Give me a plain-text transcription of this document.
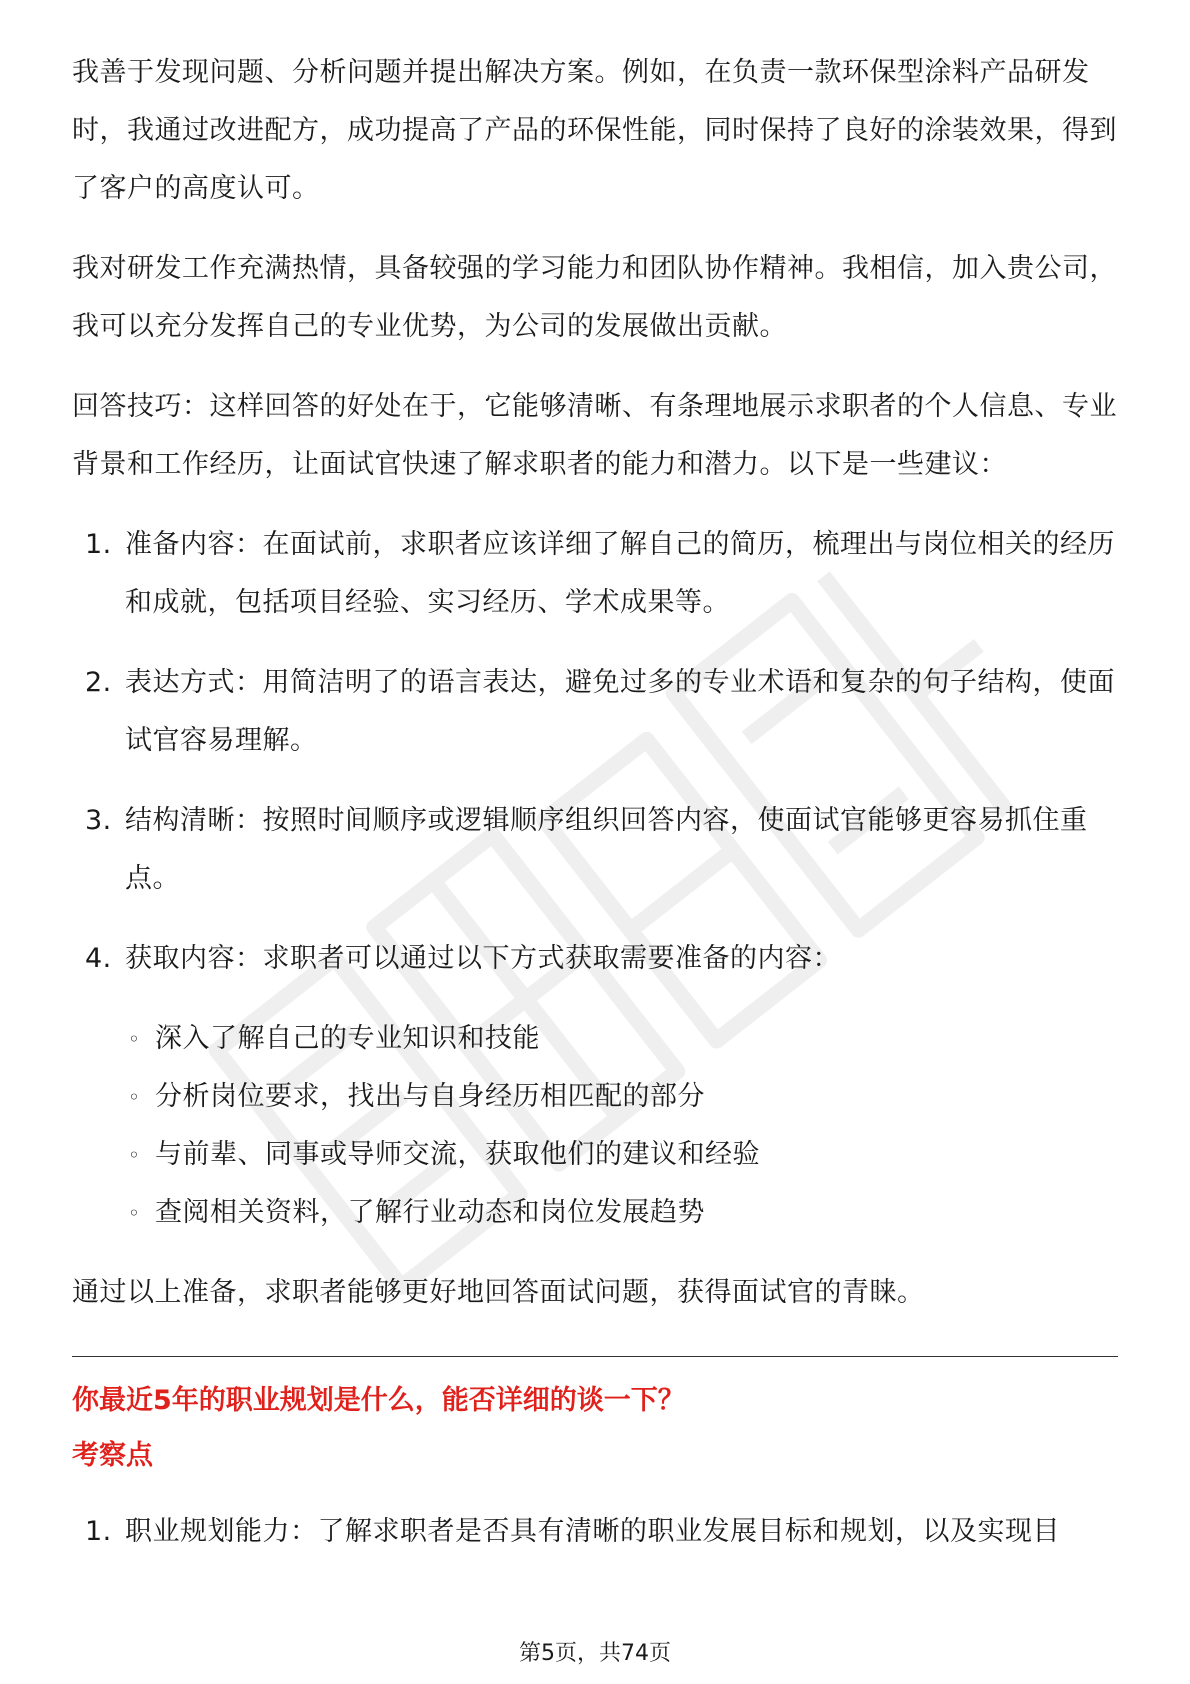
我善于发现问题、分析问题并提出解决方案。例如，在负责一款环保型涂料产品研发时，我通过改进配方，成功提高了产品的环保性能，同时保持了良好的涂装效果，得到了客户的高度认可。

我对研发工作充满热情，具备较强的学习能力和团队协作精神。我相信，加入贵公司，我可以充分发挥自己的专业优势，为公司的发展做出贡献。

回答技巧：这样回答的好处在于，它能够清晰、有条理地展示求职者的个人信息、专业背景和工作经历，让面试官快速了解求职者的能力和潜力。以下是一些建议：

1. 准备内容：在面试前，求职者应该详细了解自己的简历，梳理出与岗位相关的经历和成就，包括项目经验、实习经历、学术成果等。
2. 表达方式：用简洁明了的语言表达，避免过多的专业术语和复杂的句子结构，使面试官容易理解。
3. 结构清晰：按照时间顺序或逻辑顺序组织回答内容，使面试官能够更容易抓住重点。
4. 获取内容：求职者可以通过以下方式获取需要准备的内容：
◦ 深入了解自己的专业知识和技能
◦ 分析岗位要求，找出与自身经历相匹配的部分
◦ 与前辈、同事或导师交流，获取他们的建议和经验
◦ 查阅相关资料，了解行业动态和岗位发展趋势

通过以上准备，求职者能够更好地回答面试问题，获得面试官的青睐。

你最近5年的职业规划是什么，能否详细的谈一下？
考察点
1. 职业规划能力：了解求职者是否具有清晰的职业发展目标和规划，以及实现目
第5页，共74页
